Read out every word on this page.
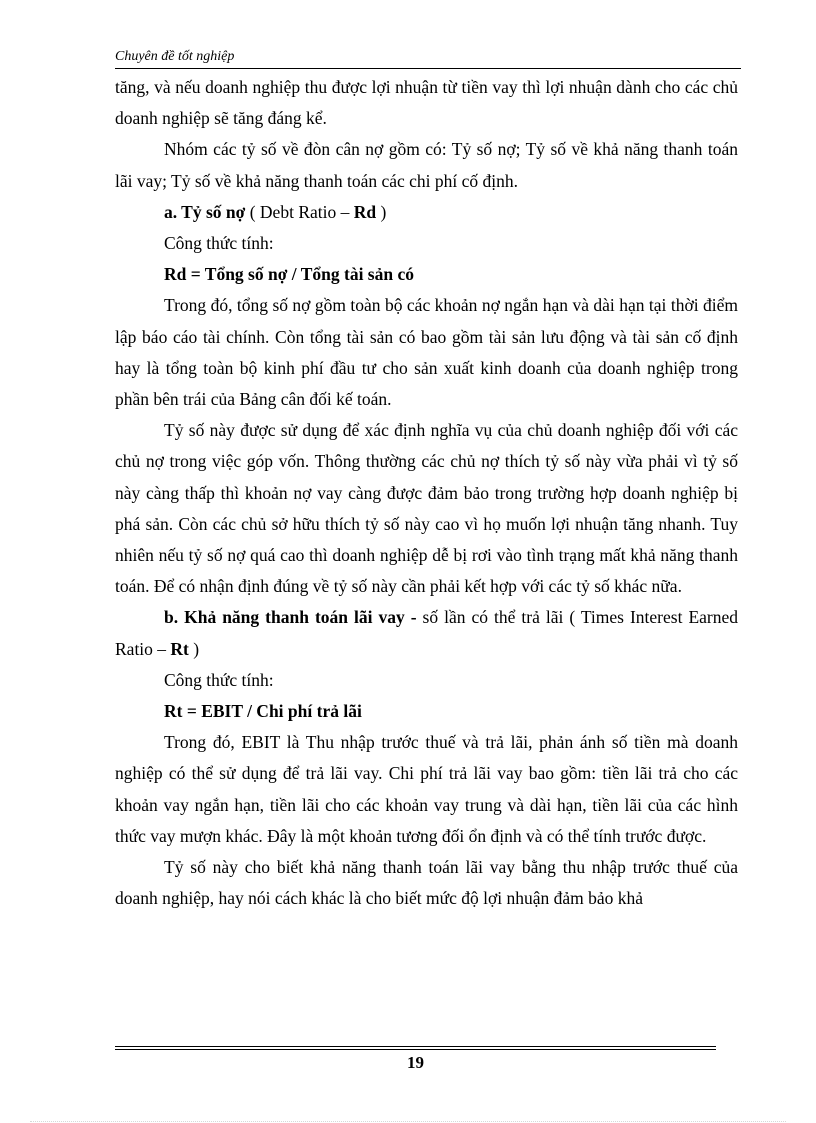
Chuyên đề tốt nghiệp

tăng, và nếu doanh nghiệp thu được lợi nhuận từ tiền vay thì lợi nhuận dành cho các chủ doanh nghiệp sẽ tăng đáng kể.

Nhóm các tỷ số về đòn cân nợ gồm có: Tỷ số nợ; Tỷ số về khả năng thanh toán lãi vay; Tỷ số về khả năng thanh toán các chi phí cố định.

a. Tỷ số nợ ( Debt Ratio – Rd )

Công thức tính:

Rd = Tổng số nợ / Tổng tài sản có

Trong đó, tổng số nợ gồm toàn bộ các khoản nợ ngắn hạn và dài hạn tại thời điểm lập báo cáo tài chính. Còn tổng tài sản có bao gồm tài sản lưu động và tài sản cố định hay là tổng toàn bộ kinh phí đầu tư cho sản xuất kinh doanh của doanh nghiệp trong phần bên trái của Bảng cân đối kế toán.

Tỷ số này được sử dụng để xác định nghĩa vụ của chủ doanh nghiệp đối với các chủ nợ trong việc góp vốn. Thông thường các chủ nợ thích tỷ số này vừa phải vì tỷ số này càng thấp thì khoản nợ vay càng được đảm bảo trong trường hợp doanh nghiệp bị phá sản. Còn các chủ sở hữu thích tỷ số này cao vì họ muốn lợi nhuận tăng nhanh. Tuy nhiên nếu tỷ số nợ quá cao thì doanh nghiệp dễ bị rơi vào tình trạng mất khả năng thanh toán. Để có nhận định đúng về tỷ số này cần phải kết hợp với các tỷ số khác nữa.

b. Khả năng thanh toán lãi vay - số lần có thể trả lãi ( Times Interest Earned Ratio – Rt )

Công thức tính:

Rt = EBIT / Chi phí trả lãi

Trong đó, EBIT là Thu nhập trước thuế và trả lãi, phản ánh số tiền mà doanh nghiệp có thể sử dụng để trả lãi vay. Chi phí trả lãi vay bao gồm: tiền lãi trả cho các khoản vay ngắn hạn, tiền lãi cho các khoản vay trung và dài hạn, tiền lãi của các hình thức vay mượn khác. Đây là một khoản tương đối ổn định và có thể tính trước được.

Tỷ số này cho biết khả năng thanh toán lãi vay bằng thu nhập trước thuế của doanh nghiệp, hay nói cách khác là cho biết mức độ lợi nhuận đảm bảo khả

19
